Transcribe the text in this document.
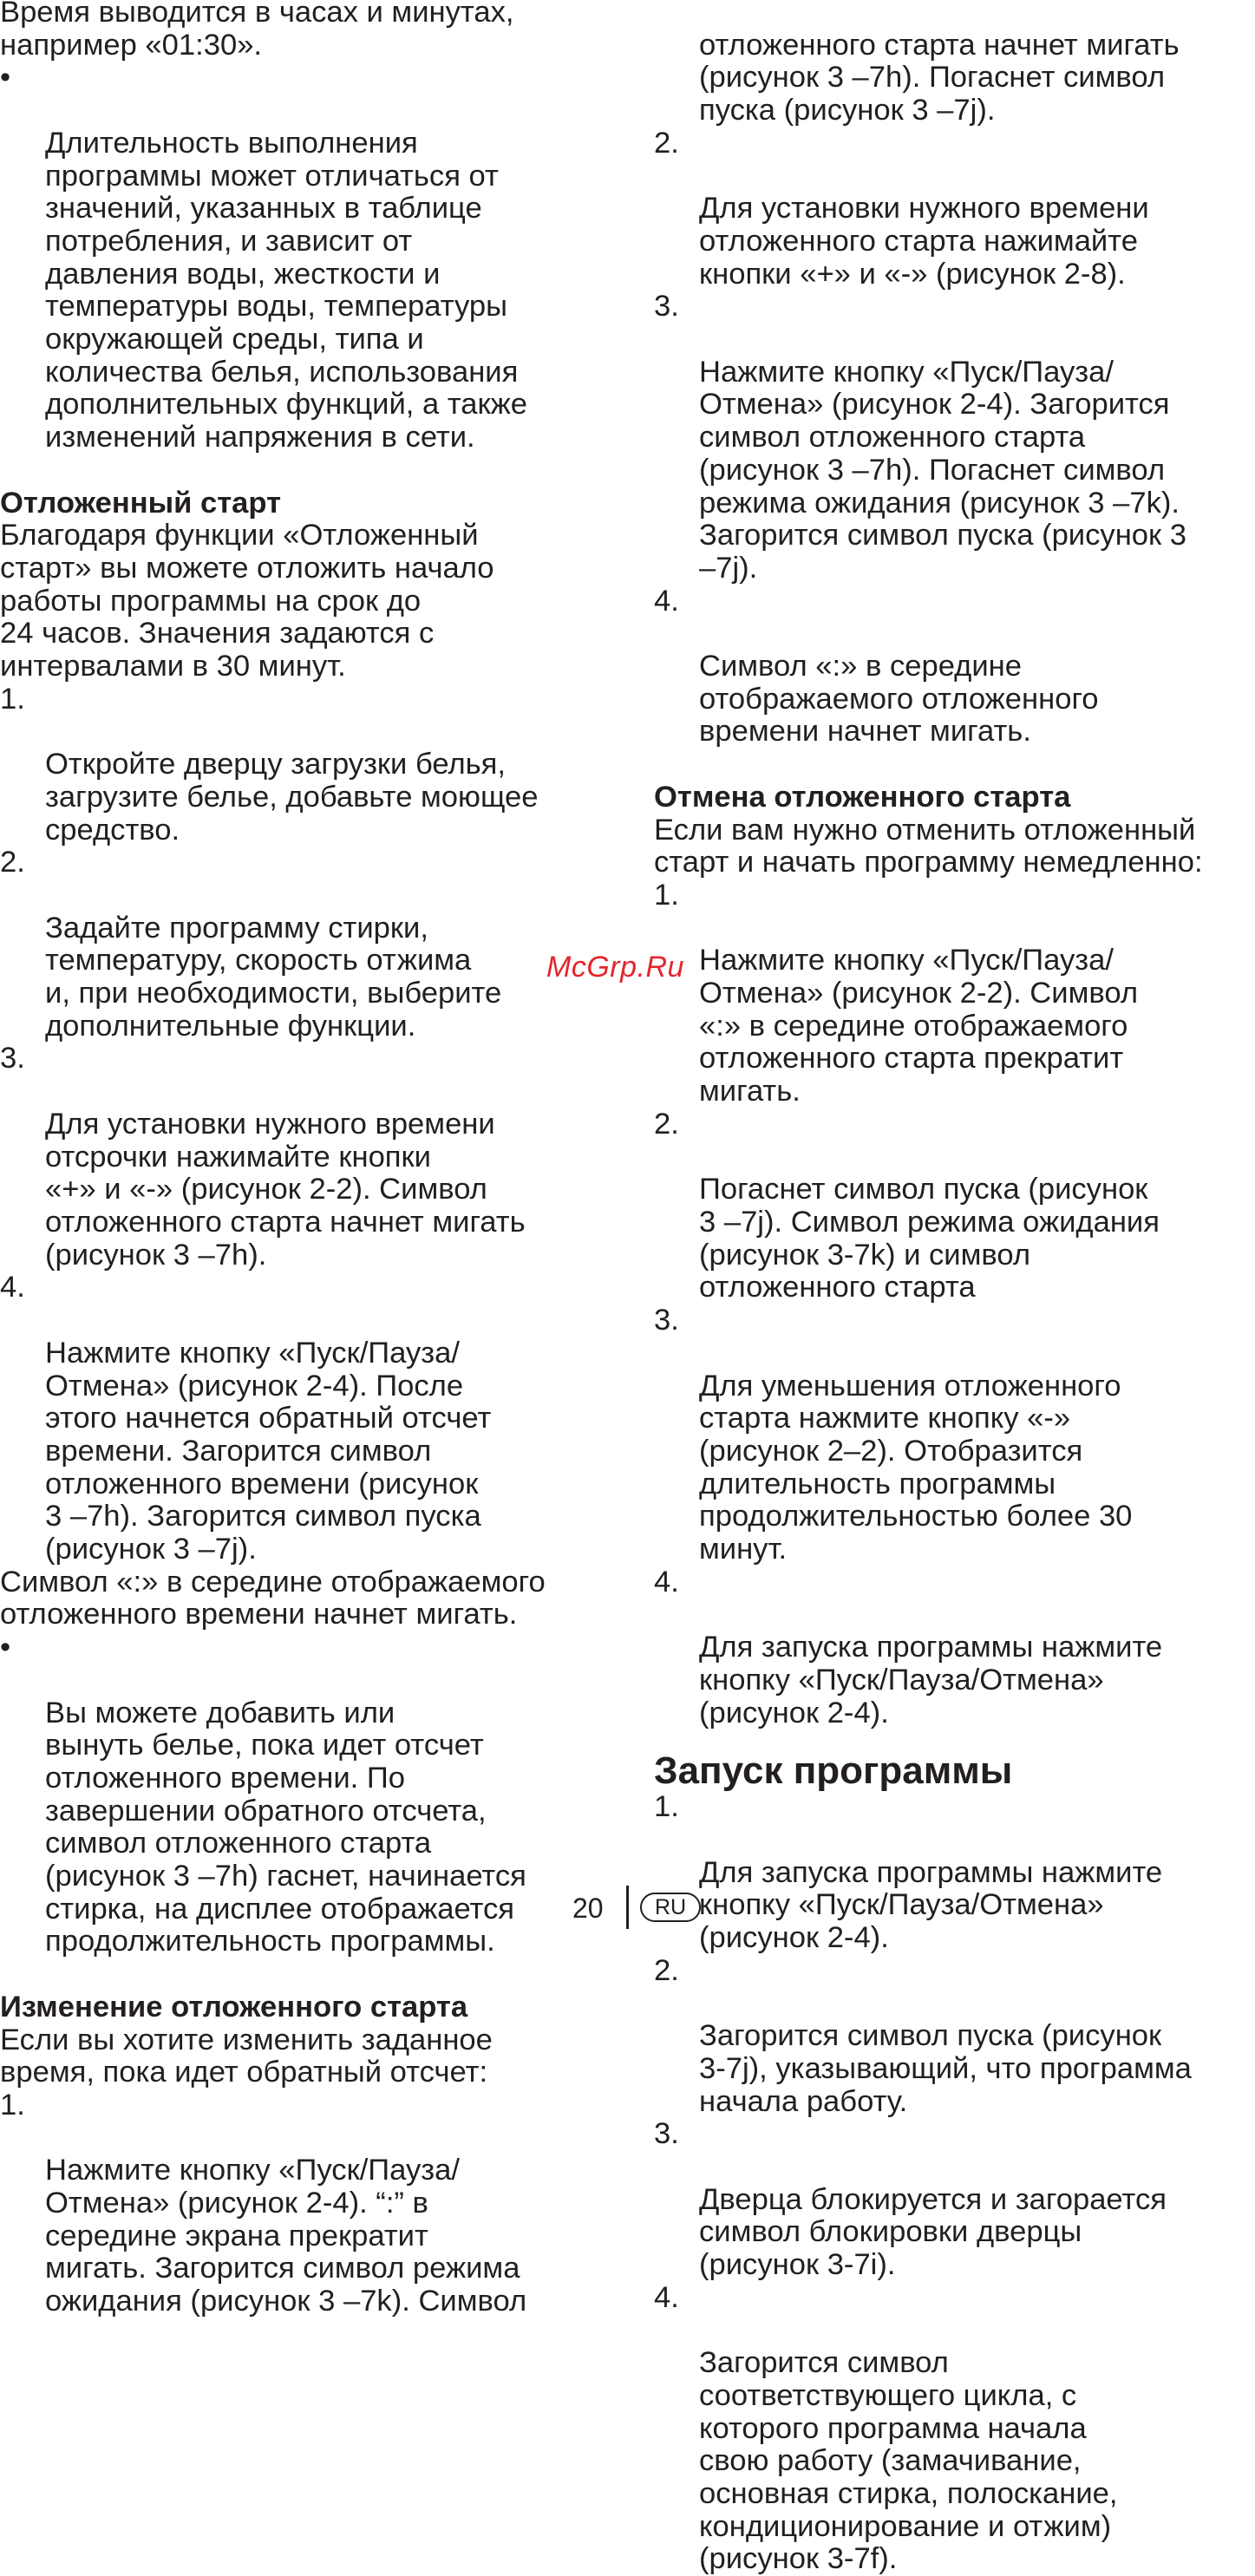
Время выводится в часах и минутах,
например «01:30».

•

Длительность выполнения
программы может отличаться от
значений, указанных в таблице
потребления, и зависит от
давления воды, жесткости и
температуры воды, температуры
окружающей среды, типа и
количества белья, использования
дополнительных функций, а также
изменений напряжения в сети.

Отложенный старт
Благодаря функции «Отложенный
старт» вы можете отложить начало
работы программы на срок до
24 часов. Значения задаются с
интервалами в 30 минут.

1.

Откройте дверцу загрузки белья,
загрузите белье, добавьте моющее
средство.

2.

Задайте программу стирки,
температуру, скорость отжима
и, при необходимости, выберите
дополнительные функции.

3.

Для установки нужного времени
отсрочки нажимайте кнопки
«+» и «-» (рисунок 2-2). Символ
отложенного старта начнет мигать
(рисунок 3 –7h).

4.

Нажмите кнопку «Пуск/Пауза/
Отмена» (рисунок 2-4). После
этого начнется обратный отсчет
времени. Загорится символ
отложенного времени (рисунок
3 –7h). Загорится символ пуска
(рисунок 3 –7j).

Символ «:» в середине отображаемого
отложенного времени начнет мигать.

•

Вы можете добавить или
вынуть белье, пока идет отсчет
отложенного времени. По
завершении обратного отсчета,
символ отложенного старта
(рисунок 3 –7h) гаснет, начинается
стирка, на дисплее отображается
продолжительность программы.

Изменение отложенного старта
Если вы хотите изменить заданное
время, пока идет обратный отсчет:

1.

Нажмите кнопку «Пуск/Пауза/
Отмена» (рисунок 2-4). “:” в
середине экрана прекратит
мигать. Загорится символ режима
ожидания (рисунок 3 –7k). Символ

отложенного старта начнет мигать
(рисунок 3 –7h). Погаснет символ
пуска (рисунок 3 –7j).

2.

Для установки нужного времени
отложенного старта нажимайте
кнопки «+» и «-» (рисунок 2-8).

3.

Нажмите кнопку «Пуск/Пауза/
Отмена» (рисунок 2-4). Загорится
символ отложенного старта
(рисунок 3 –7h). Погаснет символ
режима ожидания (рисунок 3 –7k).
Загорится символ пуска (рисунок 3
–7j).

4.

Символ «:» в середине
отображаемого отложенного
времени начнет мигать.

Отмена отложенного старта
Если вам нужно отменить отложенный
старт и начать программу немедленно:

1.

Нажмите кнопку «Пуск/Пауза/
Отмена» (рисунок 2-2). Символ
«:» в середине отображаемого
отложенного старта прекратит
мигать.

2.

Погаснет символ пуска (рисунок
3 –7j). Символ режима ожидания
(рисунок 3-7k) и символ
отложенного старта

3.

Для уменьшения отложенного
старта нажмите кнопку «-»
(рисунок 2–2). Отобразится
длительность программы
продолжительностью более 30
минут.

4.

Для запуска программы нажмите
кнопку «Пуск/Пауза/Отмена»
(рисунок 2-4).

Запуск программы

1.

Для запуска программы нажмите
кнопку «Пуск/Пауза/Отмена»
(рисунок 2-4).

2.

Загорится символ пуска (рисунок
3-7j), указывающий, что программа
начала работу.

3.

Дверца блокируется и загорается
символ блокировки дверцы
(рисунок 3-7i).

4.

Загорится символ
соответствующего цикла, с
которого программа начала
свою работу (замачивание,
основная стирка, полоскание,
кондиционирование и отжим)
(рисунок 3-7f).

McGrp.Ru
20	RU
